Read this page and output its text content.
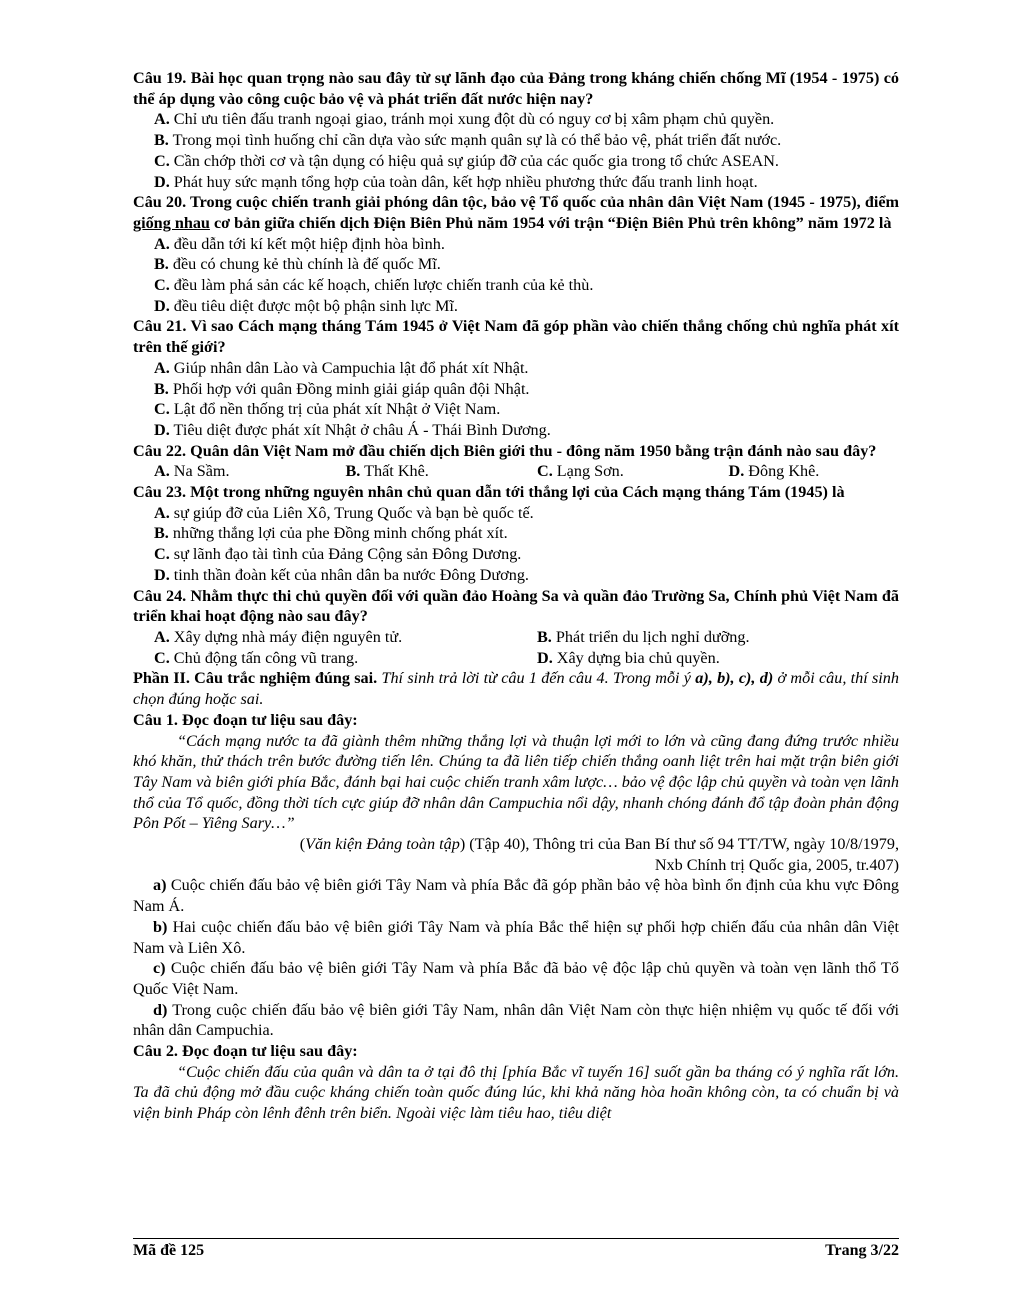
Câu 19. Bài học quan trọng nào sau đây từ sự lãnh đạo của Đảng trong kháng chiến chống Mĩ (1954 - 1975) có thể áp dụng vào công cuộc bảo vệ và phát triển đất nước hiện nay?
A. Chỉ ưu tiên đấu tranh ngoại giao, tránh mọi xung đột dù có nguy cơ bị xâm phạm chủ quyền.
B. Trong mọi tình huống chỉ cần dựa vào sức mạnh quân sự là có thể bảo vệ, phát triển đất nước.
C. Cần chớp thời cơ và tận dụng có hiệu quả sự giúp đỡ của các quốc gia trong tổ chức ASEAN.
D. Phát huy sức mạnh tổng hợp của toàn dân, kết hợp nhiều phương thức đấu tranh linh hoạt.
Câu 20. Trong cuộc chiến tranh giải phóng dân tộc, bảo vệ Tổ quốc của nhân dân Việt Nam (1945 - 1975), điểm giống nhau cơ bản giữa chiến dịch Điện Biên Phủ năm 1954 với trận “Điện Biên Phủ trên không” năm 1972 là
A. đều dẫn tới kí kết một hiệp định hòa bình.
B. đều có chung kẻ thù chính là đế quốc Mĩ.
C. đều làm phá sản các kế hoạch, chiến lược chiến tranh của kẻ thù.
D. đều tiêu diệt được một bộ phận sinh lực Mĩ.
Câu 21. Vì sao Cách mạng tháng Tám 1945 ở Việt Nam đã góp phần vào chiến thắng chống chủ nghĩa phát xít trên thế giới?
A. Giúp nhân dân Lào và Campuchia lật đổ phát xít Nhật.
B. Phối hợp với quân Đồng minh giải giáp quân đội Nhật.
C. Lật đổ nền thống trị của phát xít Nhật ở Việt Nam.
D. Tiêu diệt được phát xít Nhật ở châu Á - Thái Bình Dương.
Câu 22. Quân dân Việt Nam mở đầu chiến dịch Biên giới thu - đông năm 1950 bằng trận đánh nào sau đây?
A. Na Sầm.	B. Thất Khê.	C. Lạng Sơn.	D. Đông Khê.
Câu 23. Một trong những nguyên nhân chủ quan dẫn tới thắng lợi của Cách mạng tháng Tám (1945) là
A. sự giúp đỡ của Liên Xô, Trung Quốc và bạn bè quốc tế.
B. những thắng lợi của phe Đồng minh chống phát xít.
C. sự lãnh đạo tài tình của Đảng Cộng sản Đông Dương.
D. tinh thần đoàn kết của nhân dân ba nước Đông Dương.
Câu 24. Nhằm thực thi chủ quyền đối với quần đảo Hoàng Sa và quần đảo Trường Sa, Chính phủ Việt Nam đã triển khai hoạt động nào sau đây?
A. Xây dựng nhà máy điện nguyên tử.	B. Phát triển du lịch nghỉ dưỡng.
C. Chủ động tấn công vũ trang.	D. Xây dựng bia chủ quyền.
Phần II. Câu trắc nghiệm đúng sai. Thí sinh trả lời từ câu 1 đến câu 4. Trong mỗi ý a), b), c), d) ở mỗi câu, thí sinh chọn đúng hoặc sai.
Câu 1. Đọc đoạn tư liệu sau đây:
“Cách mạng nước ta đã giành thêm những thắng lợi và thuận lợi mới to lớn và cũng đang đứng trước nhiều khó khăn, thử thách trên bước đường tiến lên. Chúng ta đã liên tiếp chiến thắng oanh liệt trên hai mặt trận biên giới Tây Nam và biên giới phía Bắc, đánh bại hai cuộc chiến tranh xâm lược… bảo vệ độc lập chủ quyền và toàn vẹn lãnh thổ của Tổ quốc, đồng thời tích cực giúp đỡ nhân dân Campuchia nổi dậy, nhanh chóng đánh đổ tập đoàn phản động Pôn Pốt – Yiêng Sary…”
(Văn kiện Đảng toàn tập) (Tập 40), Thông tri của Ban Bí thư số 94 TT/TW, ngày 10/8/1979,
Nxb Chính trị Quốc gia, 2005, tr.407)
a) Cuộc chiến đấu bảo vệ biên giới Tây Nam và phía Bắc đã góp phần bảo vệ hòa bình ổn định của khu vực Đông Nam Á.
b) Hai cuộc chiến đấu bảo vệ biên giới Tây Nam và phía Bắc thể hiện sự phối hợp chiến đấu của nhân dân Việt Nam và Liên Xô.
c) Cuộc chiến đấu bảo vệ biên giới Tây Nam và phía Bắc đã bảo vệ độc lập chủ quyền và toàn vẹn lãnh thổ Tổ Quốc Việt Nam.
d) Trong cuộc chiến đấu bảo vệ biên giới Tây Nam, nhân dân Việt Nam còn thực hiện nhiệm vụ quốc tế đối với nhân dân Campuchia.
Câu 2. Đọc đoạn tư liệu sau đây:
“Cuộc chiến đấu của quân và dân ta ở tại đô thị [phía Bắc vĩ tuyến 16] suốt gần ba tháng có ý nghĩa rất lớn. Ta đã chủ động mở đầu cuộc kháng chiến toàn quốc đúng lúc, khi khả năng hòa hoãn không còn, ta có chuẩn bị và viện binh Pháp còn lênh đênh trên biển. Ngoài việc làm tiêu hao, tiêu diệt
Mã đề 125	Trang 3/22
